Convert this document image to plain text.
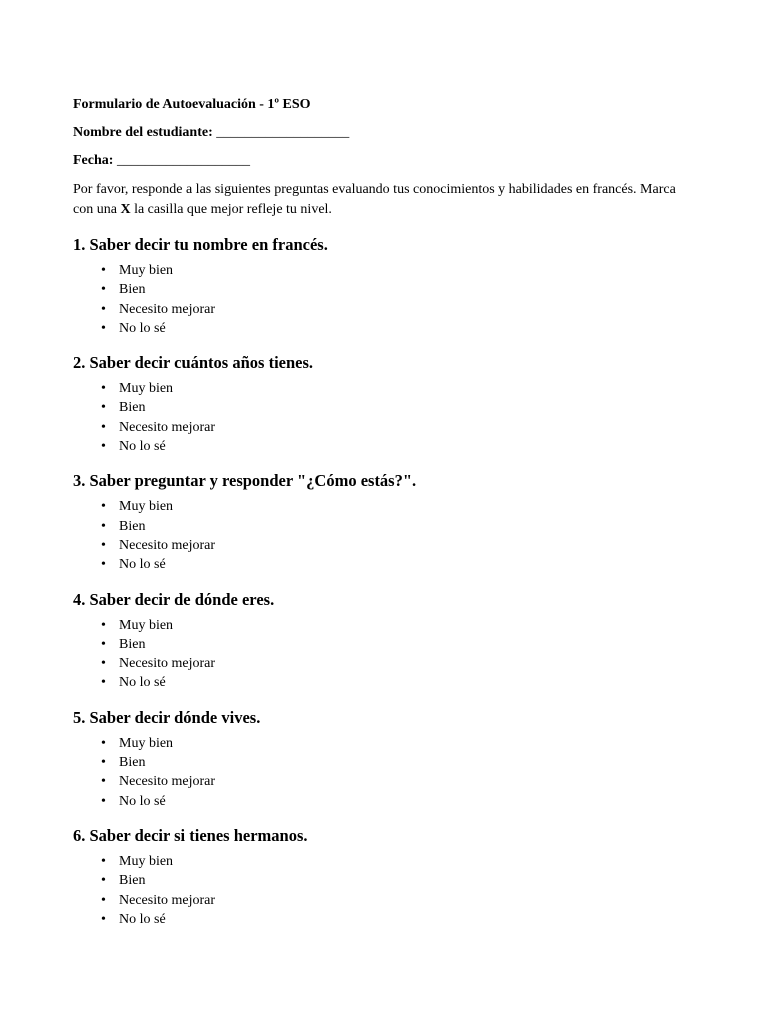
Formulario de Autoevaluación - 1º ESO

Nombre del estudiante: ___________________

Fecha: ___________________

Por favor, responde a las siguientes preguntas evaluando tus conocimientos y habilidades en francés. Marca con una X la casilla que mejor refleje tu nivel.

1. Saber decir tu nombre en francés.
• Muy bien
• Bien
• Necesito mejorar
• No lo sé
2. Saber decir cuántos años tienes.
• Muy bien
• Bien
• Necesito mejorar
• No lo sé
3. Saber preguntar y responder "¿Cómo estás?".
• Muy bien
• Bien
• Necesito mejorar
• No lo sé
4. Saber decir de dónde eres.
• Muy bien
• Bien
• Necesito mejorar
• No lo sé
5. Saber decir dónde vives.
• Muy bien
• Bien
• Necesito mejorar
• No lo sé
6. Saber decir si tienes hermanos.
• Muy bien
• Bien
• Necesito mejorar
• No lo sé
